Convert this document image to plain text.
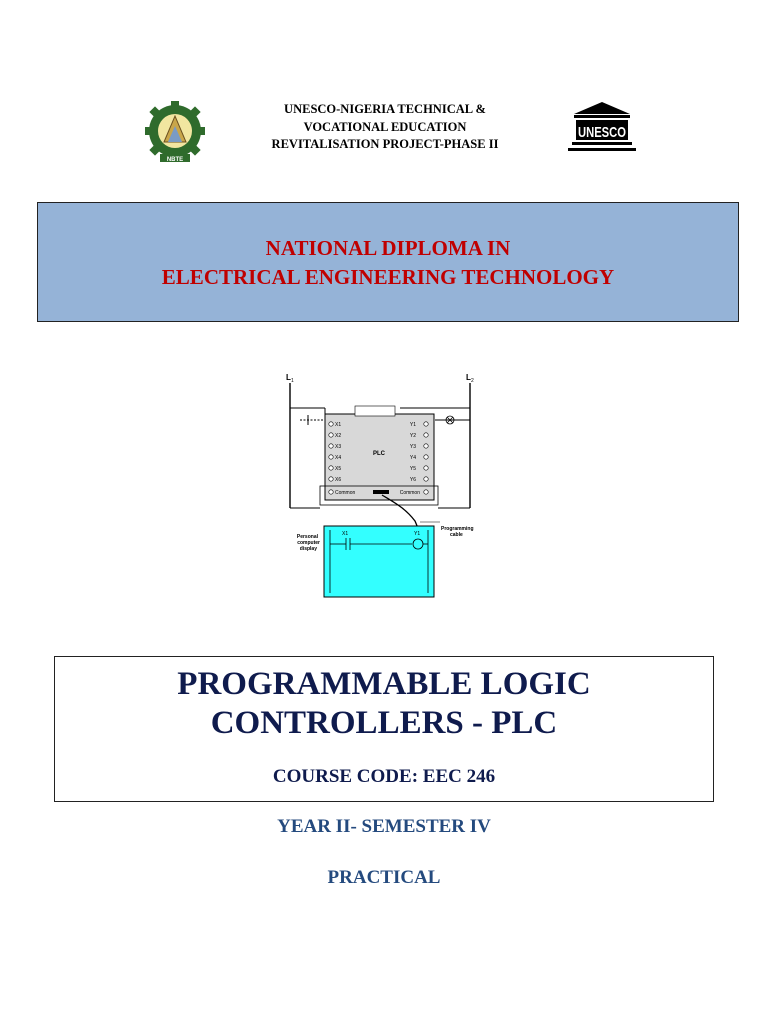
NBTE
UNESCO-NIGERIA TECHNICAL &
VOCATIONAL EDUCATION
REVITALISATION PROJECT-PHASE II
UNESCO
NATIONAL DIPLOMA IN
ELECTRICAL ENGINEERING TECHNOLOGY
L 1	L 2
PLC
X1
X2
X3
X4
X5
X6
Common
Y1
Y2
Y3
Y4
Y5
Y6
Common
Programming
cable
X1	Y1
Personal
computer
display
PROGRAMMABLE LOGIC
CONTROLLERS - PLC
COURSE CODE: EEC 246
YEAR II- SEMESTER IV
PRACTICAL
